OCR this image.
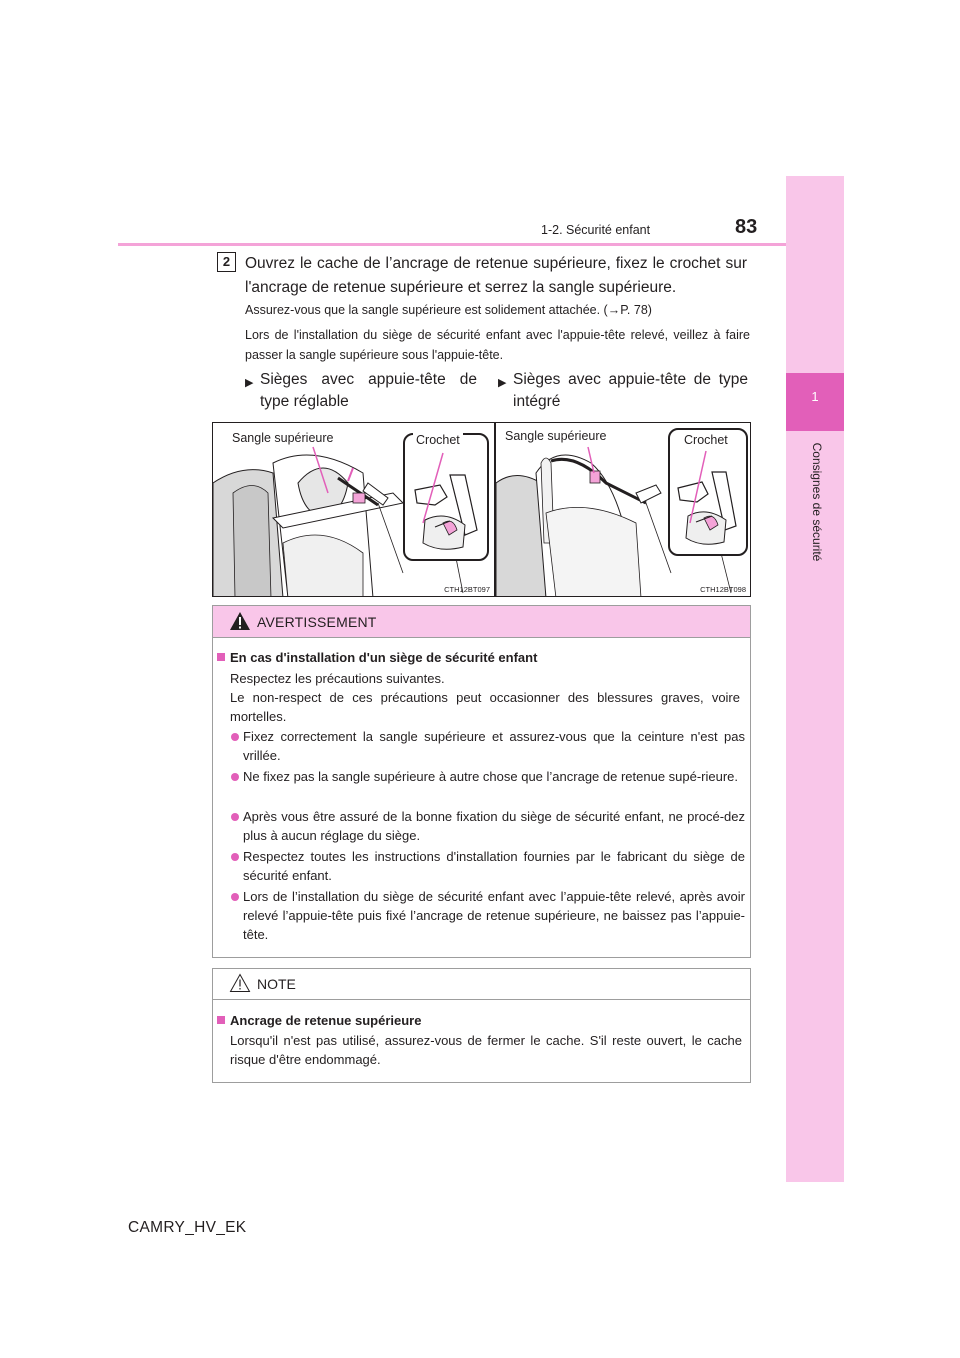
1
Consignes de sécurité
1-2. Sécurité enfant	83
2 Ouvrez le cache de l’ancrage de retenue supérieure, fixez le crochet sur l'ancrage de retenue supérieure et serrez la sangle supérieure.
Assurez-vous que la sangle supérieure est solidement attachée. (→P. 78)
Lors de l'installation du siège de sécurité enfant avec l'appuie-tête relevé, veillez à faire passer la sangle supérieure sous l'appuie-tête.
▶ Sièges avec appuie-tête de type réglable
▶ Sièges avec appuie-tête de type intégré
Sangle supérieure	Crochet
CTH12BT097
Sangle supérieure	Crochet
CTH12BT098
AVERTISSEMENT
En cas d'installation d'un siège de sécurité enfant
Respectez les précautions suivantes.
Le non-respect de ces précautions peut occasionner des blessures graves, voire mortelles.
Fixez correctement la sangle supérieure et assurez-vous que la ceinture n'est pas vrillée.
Ne fixez pas la sangle supérieure à autre chose que l’ancrage de retenue supé-rieure.
Après vous être assuré de la bonne fixation du siège de sécurité enfant, ne procé-dez plus à aucun réglage du siège.
Respectez toutes les instructions d'installation fournies par le fabricant du siège de sécurité enfant.
Lors de l’installation du siège de sécurité enfant avec l’appuie-tête relevé, après avoir relevé l’appuie-tête puis fixé l’ancrage de retenue supérieure, ne baissez pas l’appuie-tête.
NOTE
Ancrage de retenue supérieure
Lorsqu'il n'est pas utilisé, assurez-vous de fermer le cache. S'il reste ouvert, le cache risque d'être endommagé.
CAMRY_HV_EK
